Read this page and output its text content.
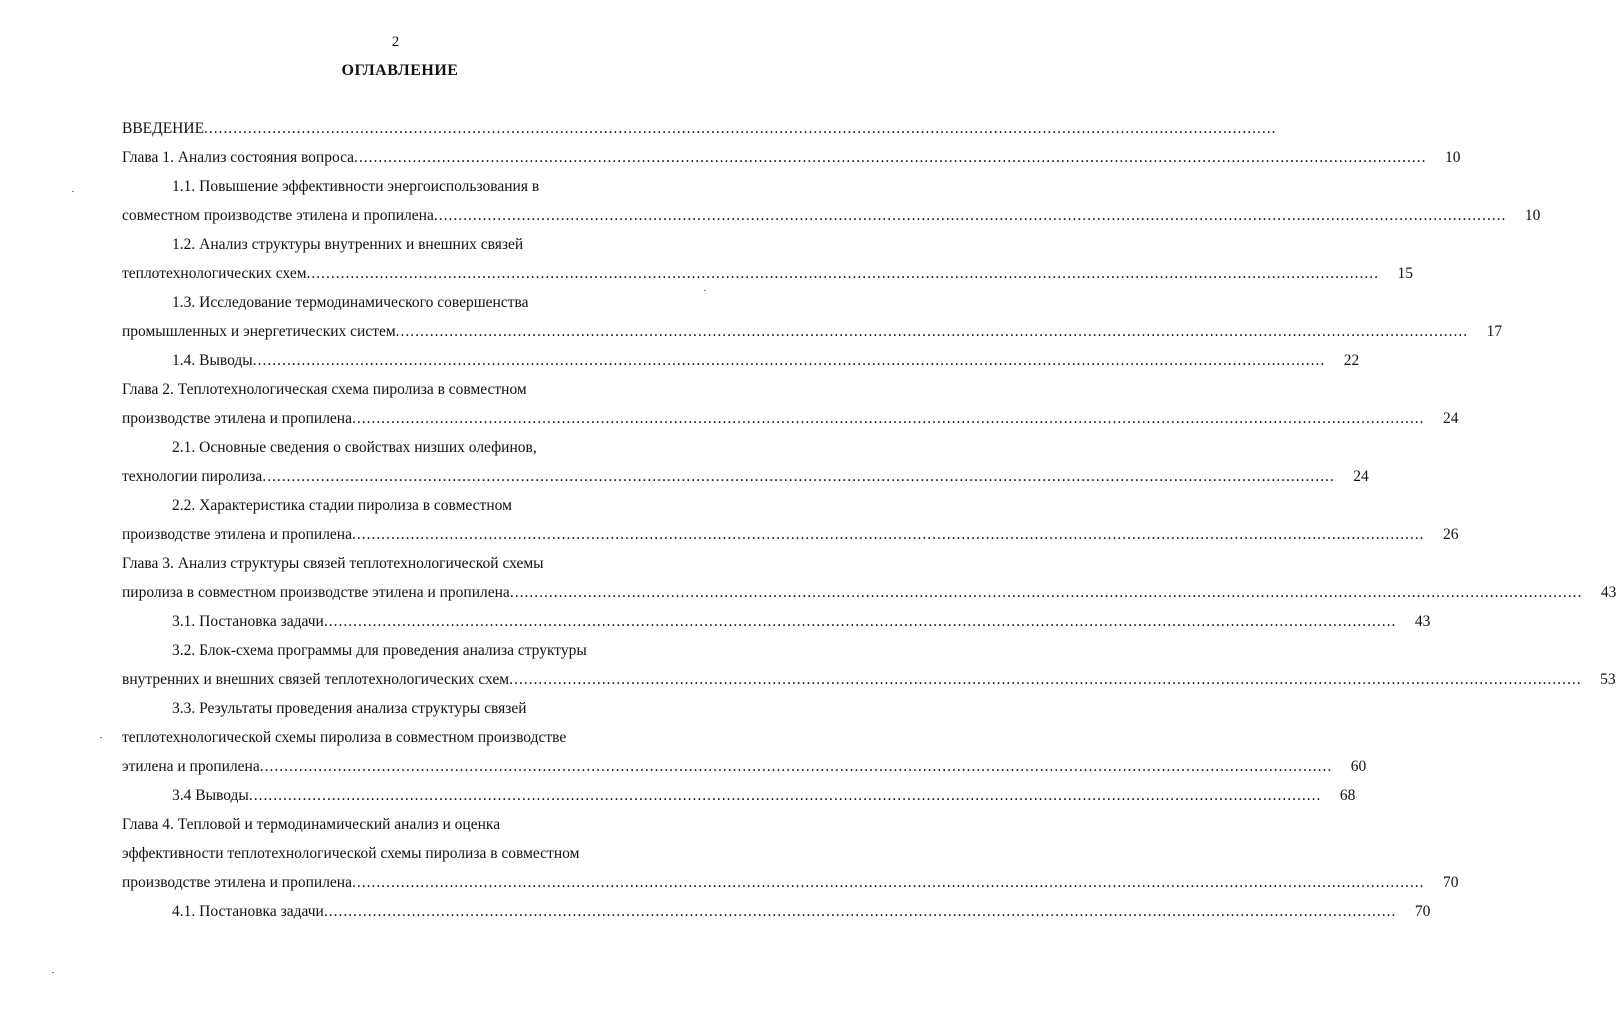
2
ОГЛАВЛЕНИЕ
ВВЕДЕНИЕ ............................................................................................................................................................................................................................
Глава 1. Анализ состояния вопроса ............................................................................................................................................................................................................................	10
1.1. Повышение эффективности энергоиспользования в
совместном производстве этилена и пропилена ............................................................................................................................................................................................................................	10
1.2. Анализ структуры внутренних и внешних связей
теплотехнологических схем ............................................................................................................................................................................................................................	15
1.3. Исследование термодинамического совершенства
промышленных и энергетических систем ............................................................................................................................................................................................................................	17
1.4. Выводы ............................................................................................................................................................................................................................	22
Глава 2. Теплотехнологическая схема пиролиза в совместном
производстве этилена и пропилена ............................................................................................................................................................................................................................	24
2.1. Основные сведения о свойствах низших олефинов,
технологии пиролиза ............................................................................................................................................................................................................................	24
2.2. Характеристика стадии пиролиза в совместном
производстве этилена и пропилена ............................................................................................................................................................................................................................	26
Глава 3. Анализ структуры связей теплотехнологической схемы
пиролиза в совместном производстве этилена и пропилена ............................................................................................................................................................................................................................	43
3.1. Постановка задачи ............................................................................................................................................................................................................................	43
3.2. Блок-схема программы для проведения анализа структуры
внутренних и внешних связей теплотехнологических схем ............................................................................................................................................................................................................................	53
3.3. Результаты проведения анализа структуры связей
теплотехнологической схемы пиролиза в совместном производстве
этилена и пропилена ............................................................................................................................................................................................................................	60
3.4 Выводы ............................................................................................................................................................................................................................	68
Глава 4. Тепловой и термодинамический анализ и оценка
эффективности теплотехнологической схемы пиролиза в совместном
производстве этилена и пропилена ............................................................................................................................................................................................................................	70
4.1. Постановка задачи ............................................................................................................................................................................................................................	70
